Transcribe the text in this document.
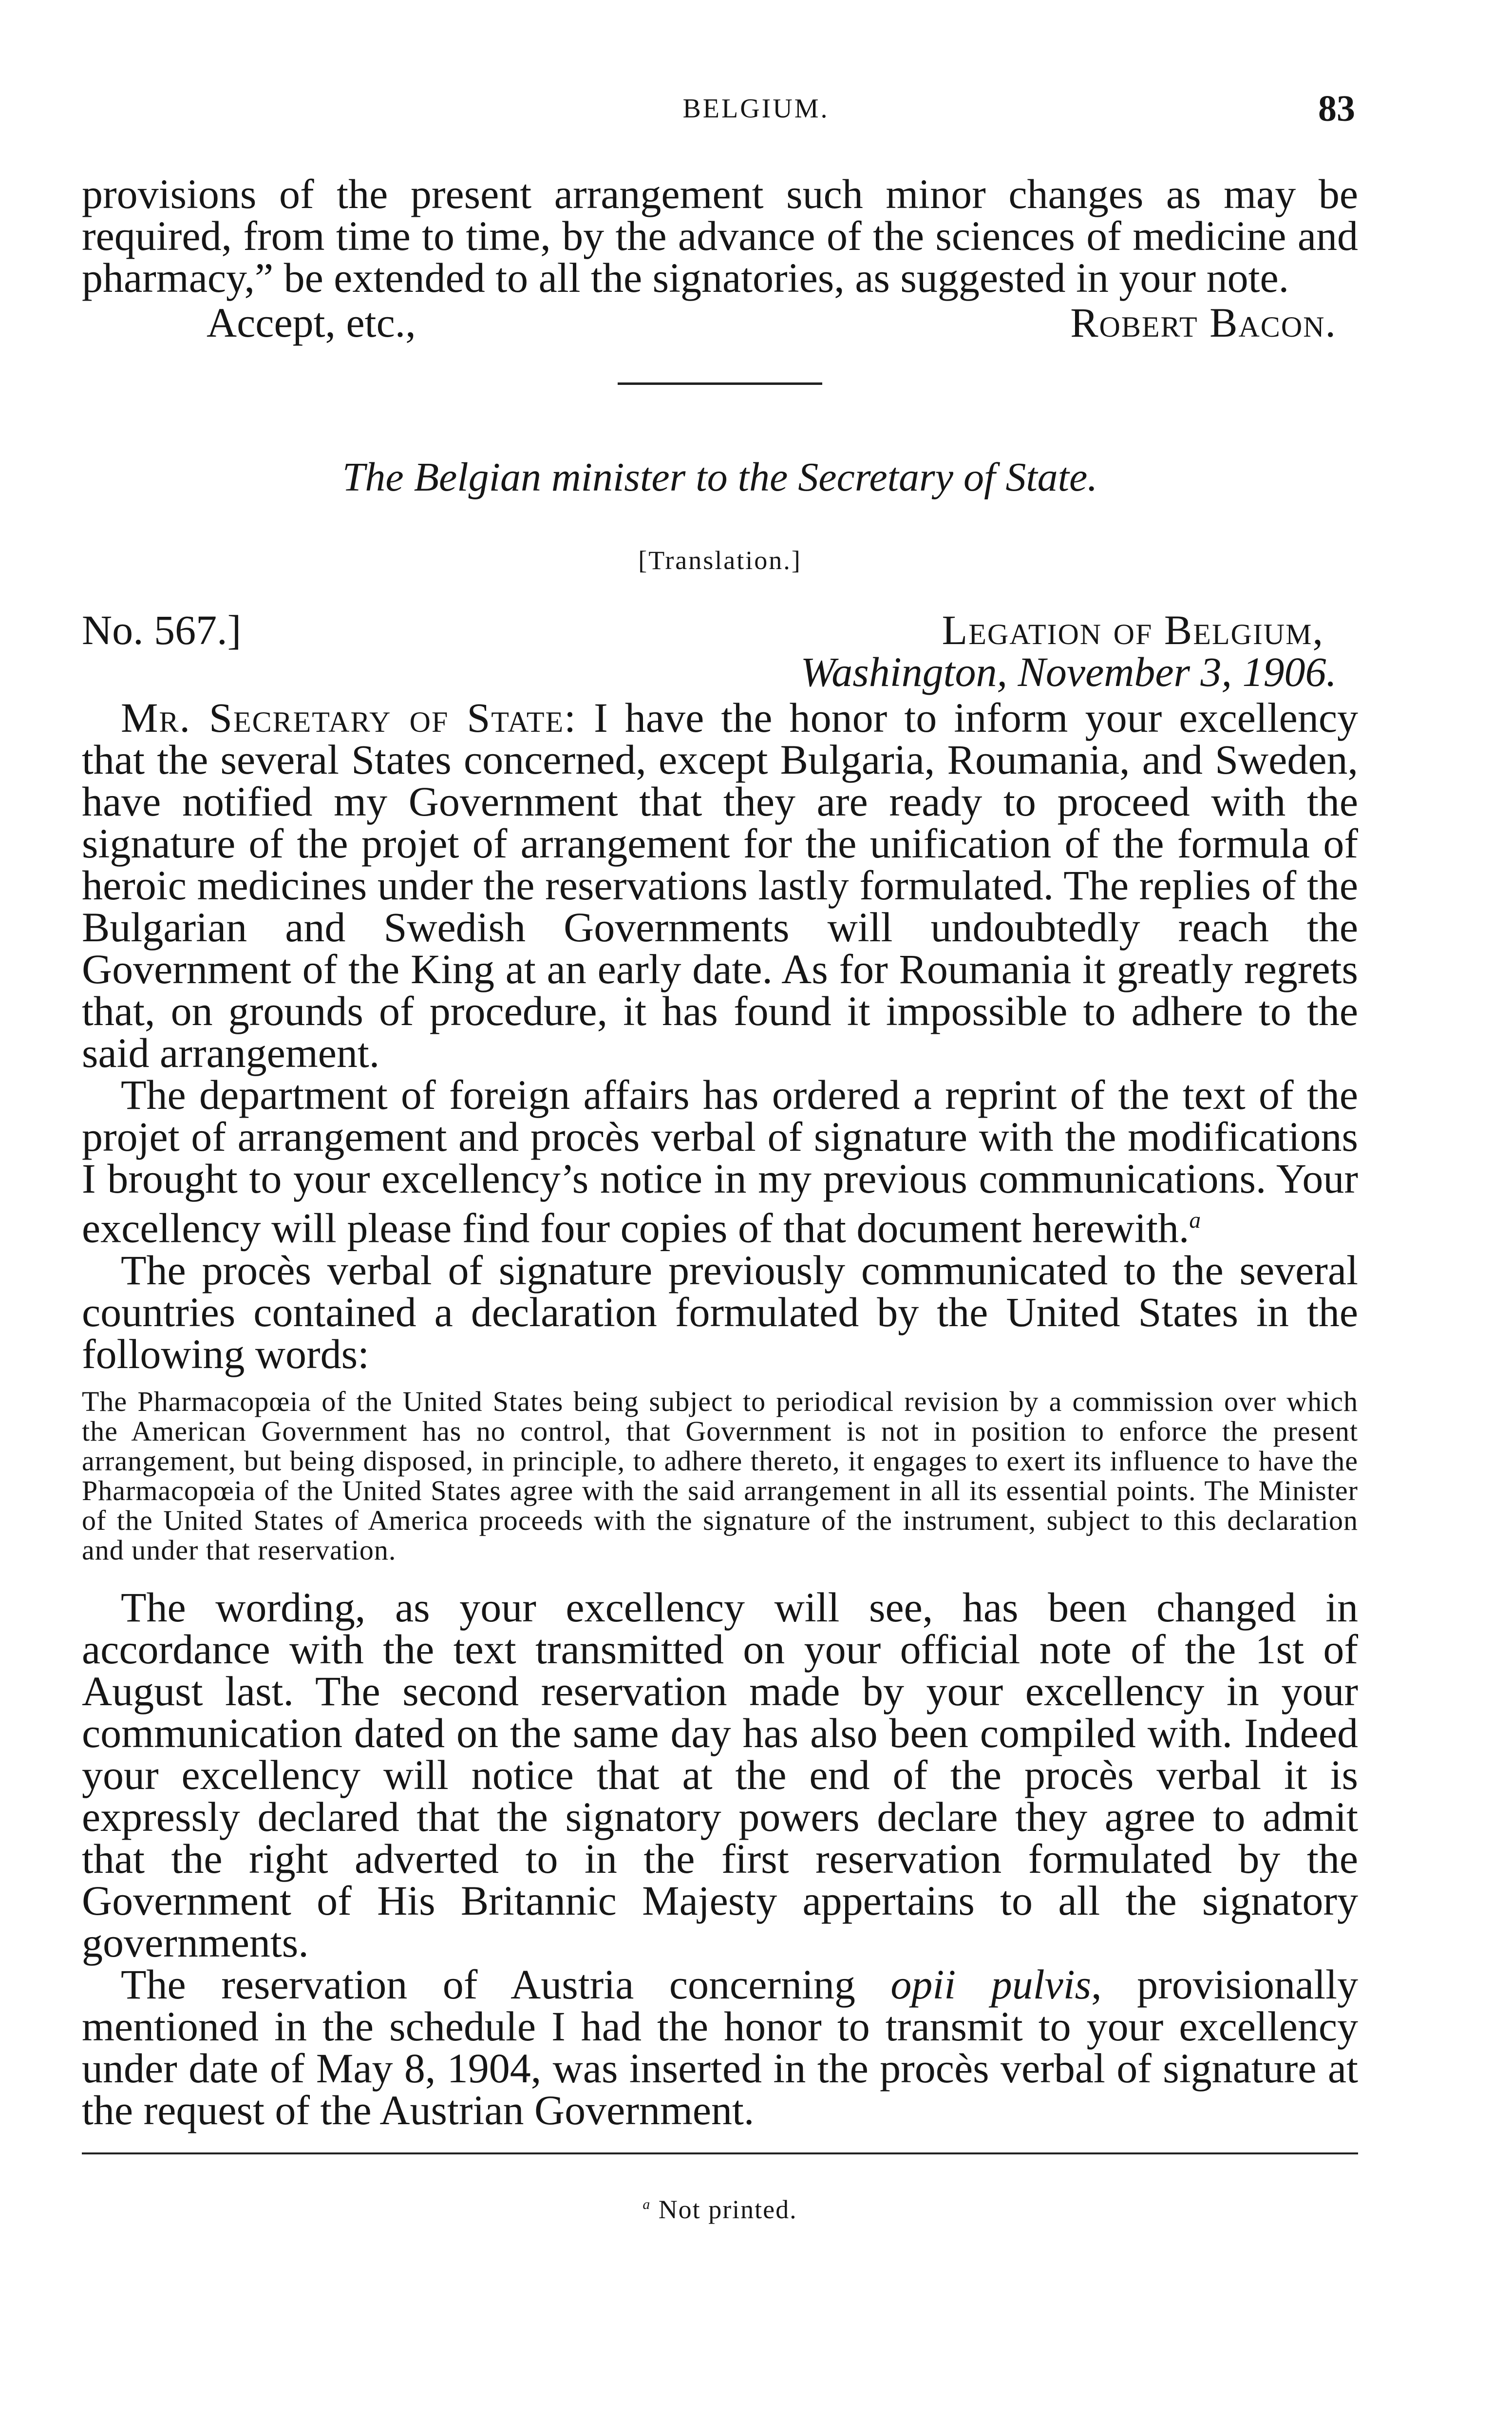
BELGIUM.	83

provisions of the present arrangement such minor changes as may be required, from time to time, by the advance of the sciences of medicine and pharmacy,” be extended to all the signatories, as suggested in your note.

Accept, etc.,	Robert Bacon.
The Belgian minister to the Secretary of State.
[Translation.]
No. 567.]	Legation of Belgium,
Washington, November 3, 1906.

Mr. Secretary of State: I have the honor to inform your excellency that the several States concerned, except Bulgaria, Roumania, and Sweden, have notified my Government that they are ready to proceed with the signature of the projet of arrangement for the unification of the formula of heroic medicines under the reservations lastly formulated. The replies of the Bulgarian and Swedish Governments will undoubtedly reach the Government of the King at an early date. As for Roumania it greatly regrets that, on grounds of procedure, it has found it impossible to adhere to the said arrangement.

The department of foreign affairs has ordered a reprint of the text of the projet of arrangement and procès verbal of signature with the modifications I brought to your excellency’s notice in my previous communications. Your excellency will please find four copies of that document herewith.$^a$

The procès verbal of signature previously communicated to the several countries contained a declaration formulated by the United States in the following words:

The Pharmacopœia of the United States being subject to periodical revision by a commission over which the American Government has no control, that Government is not in position to enforce the present arrangement, but being disposed, in principle, to adhere thereto, it engages to exert its influence to have the Pharmacopœia of the United States agree with the said arrangement in all its essential points. The Minister of the United States of America proceeds with the signature of the instrument, subject to this declaration and under that reservation.

The wording, as your excellency will see, has been changed in accordance with the text transmitted on your official note of the 1st of August last. The second reservation made by your excellency in your communication dated on the same day has also been compiled with. Indeed your excellency will notice that at the end of the procès verbal it is expressly declared that the signatory powers declare they agree to admit that the right adverted to in the first reservation formulated by the Government of His Britannic Majesty appertains to all the signatory governments.

The reservation of Austria concerning opii pulvis, provisionally mentioned in the schedule I had the honor to transmit to your excellency under date of May 8, 1904, was inserted in the procès verbal of signature at the request of the Austrian Government.

$^a$ Not printed.
